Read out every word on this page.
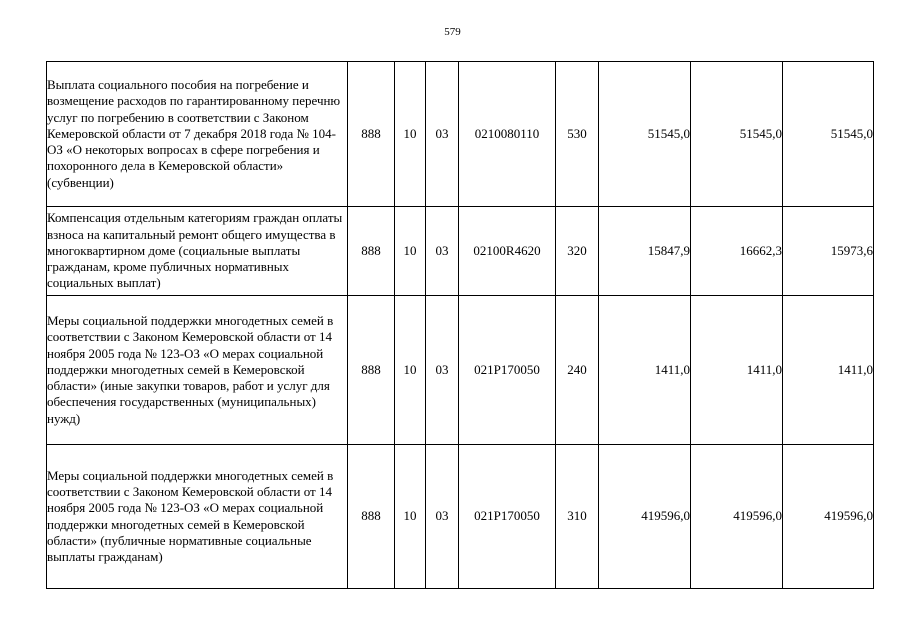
579
Выплата социального пособия на погребение и возмещение расходов по гарантированному перечню услуг по погребению в соответствии с Законом Кемеровской области от 7 декабря 2018 года № 104-ОЗ «О некоторых вопросах в сфере погребения и похоронного дела в Кемеровской области» (субвенции)	888	10	03	0210080110	530	51545,0	51545,0	51545,0
Компенсация отдельным категориям граждан оплаты взноса на капитальный ремонт общего имущества в многоквартирном доме (социальные выплаты гражданам, кроме публичных нормативных социальных выплат)	888	10	03	02100R4620	320	15847,9	16662,3	15973,6
Меры социальной поддержки многодетных семей в соответствии с Законом Кемеровской области от 14 ноября 2005 года № 123-ОЗ «О мерах социальной поддержки многодетных семей в Кемеровской области» (иные закупки товаров, работ и услуг для обеспечения государственных (муниципальных) нужд)	888	10	03	021P170050	240	1411,0	1411,0	1411,0
Меры социальной поддержки многодетных семей в соответствии с Законом Кемеровской области от 14 ноября 2005 года № 123-ОЗ «О мерах социальной поддержки многодетных семей в Кемеровской области» (публичные нормативные социальные выплаты гражданам)	888	10	03	021P170050	310	419596,0	419596,0	419596,0
